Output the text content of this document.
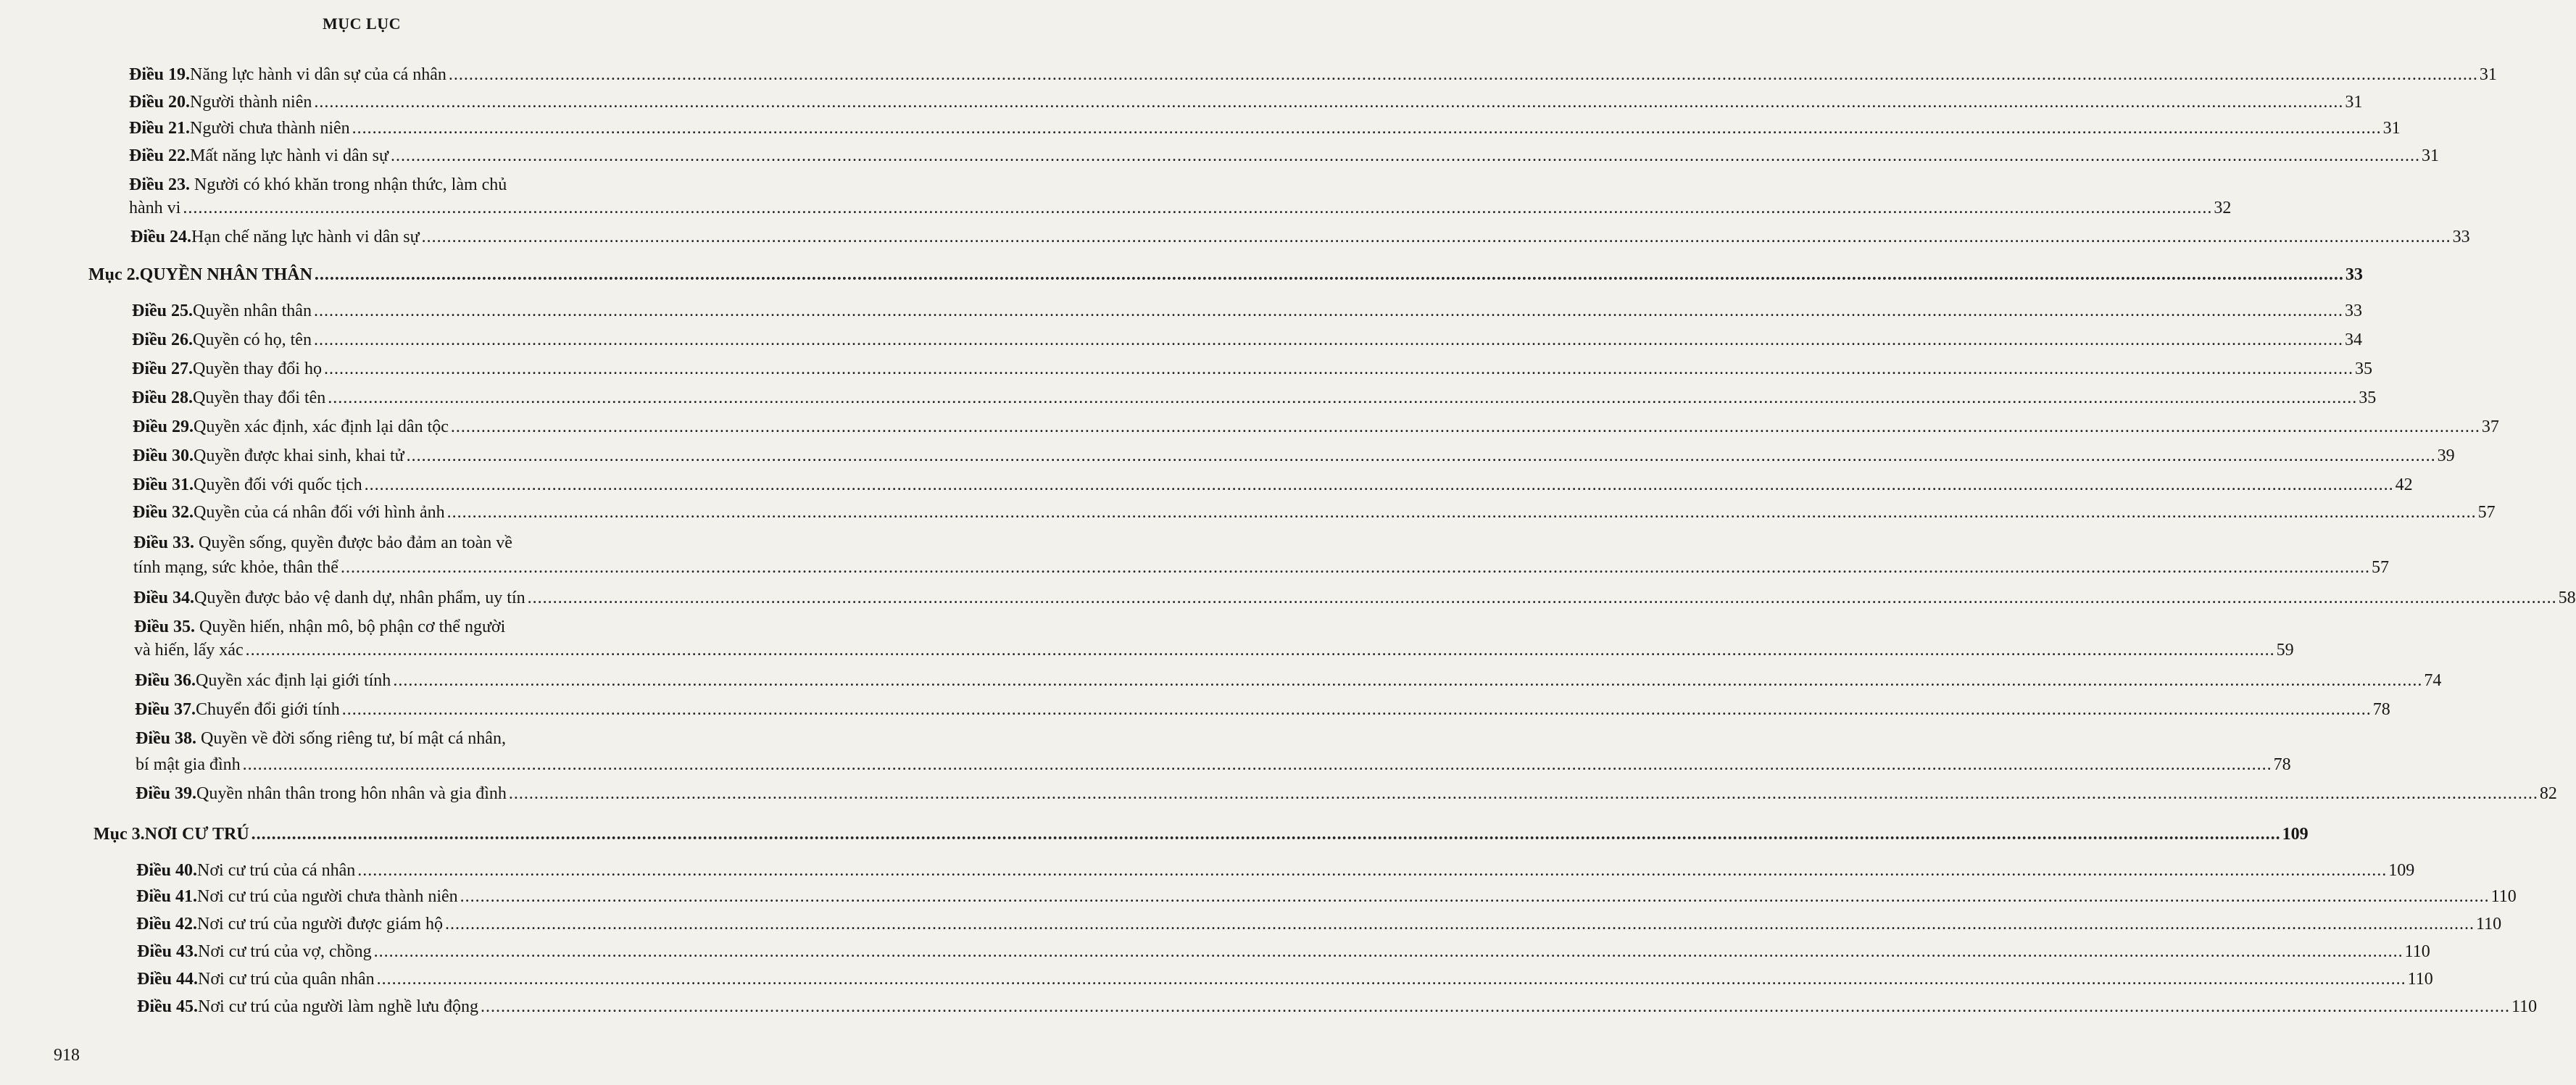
MỤC LỤC
Điều 19. Năng lực hành vi dân sự của cá nhân ................................................................................................................................................................................................................................................................................................................................................................................................................ 31
Điều 20. Người thành niên ................................................................................................................................................................................................................................................................................................................................................................................................................ 31
Điều 21. Người chưa thành niên ................................................................................................................................................................................................................................................................................................................................................................................................................ 31
Điều 22. Mất năng lực hành vi dân sự ................................................................................................................................................................................................................................................................................................................................................................................................................ 31
Điều 23. Người có khó khăn trong nhận thức, làm chủ
hành vi ................................................................................................................................................................................................................................................................................................................................................................................................................ 32
Điều 24. Hạn chế năng lực hành vi dân sự ................................................................................................................................................................................................................................................................................................................................................................................................................ 33
Mục 2. QUYỀN NHÂN THÂN ................................................................................................................................................................................................................................................................................................................................................................................................................ 33
Điều 25. Quyền nhân thân ................................................................................................................................................................................................................................................................................................................................................................................................................ 33
Điều 26. Quyền có họ, tên ................................................................................................................................................................................................................................................................................................................................................................................................................ 34
Điều 27. Quyền thay đổi họ ................................................................................................................................................................................................................................................................................................................................................................................................................ 35
Điều 28. Quyền thay đổi tên ................................................................................................................................................................................................................................................................................................................................................................................................................ 35
Điều 29. Quyền xác định, xác định lại dân tộc ................................................................................................................................................................................................................................................................................................................................................................................................................ 37
Điều 30. Quyền được khai sinh, khai tử ................................................................................................................................................................................................................................................................................................................................................................................................................ 39
Điều 31. Quyền đối với quốc tịch ................................................................................................................................................................................................................................................................................................................................................................................................................ 42
Điều 32. Quyền của cá nhân đối với hình ảnh ................................................................................................................................................................................................................................................................................................................................................................................................................ 57
Điều 33. Quyền sống, quyền được bảo đảm an toàn về
tính mạng, sức khỏe, thân thể ................................................................................................................................................................................................................................................................................................................................................................................................................ 57
Điều 34. Quyền được bảo vệ danh dự, nhân phẩm, uy tín ................................................................................................................................................................................................................................................................................................................................................................................................................ 58
Điều 35. Quyền hiến, nhận mô, bộ phận cơ thể người
và hiến, lấy xác ................................................................................................................................................................................................................................................................................................................................................................................................................ 59
Điều 36. Quyền xác định lại giới tính ................................................................................................................................................................................................................................................................................................................................................................................................................ 74
Điều 37. Chuyển đổi giới tính ................................................................................................................................................................................................................................................................................................................................................................................................................ 78
Điều 38. Quyền về đời sống riêng tư, bí mật cá nhân,
bí mật gia đình ................................................................................................................................................................................................................................................................................................................................................................................................................ 78
Điều 39. Quyền nhân thân trong hôn nhân và gia đình ................................................................................................................................................................................................................................................................................................................................................................................................................ 82
Mục 3. NƠI CƯ TRÚ ................................................................................................................................................................................................................................................................................................................................................................................................................ 109
Điều 40. Nơi cư trú của cá nhân ................................................................................................................................................................................................................................................................................................................................................................................................................ 109
Điều 41. Nơi cư trú của người chưa thành niên ................................................................................................................................................................................................................................................................................................................................................................................................................ 110
Điều 42. Nơi cư trú của người được giám hộ ................................................................................................................................................................................................................................................................................................................................................................................................................ 110
Điều 43. Nơi cư trú của vợ, chồng ................................................................................................................................................................................................................................................................................................................................................................................................................ 110
Điều 44. Nơi cư trú của quân nhân ................................................................................................................................................................................................................................................................................................................................................................................................................ 110
Điều 45. Nơi cư trú của người làm nghề lưu động ................................................................................................................................................................................................................................................................................................................................................................................................................ 110
918
